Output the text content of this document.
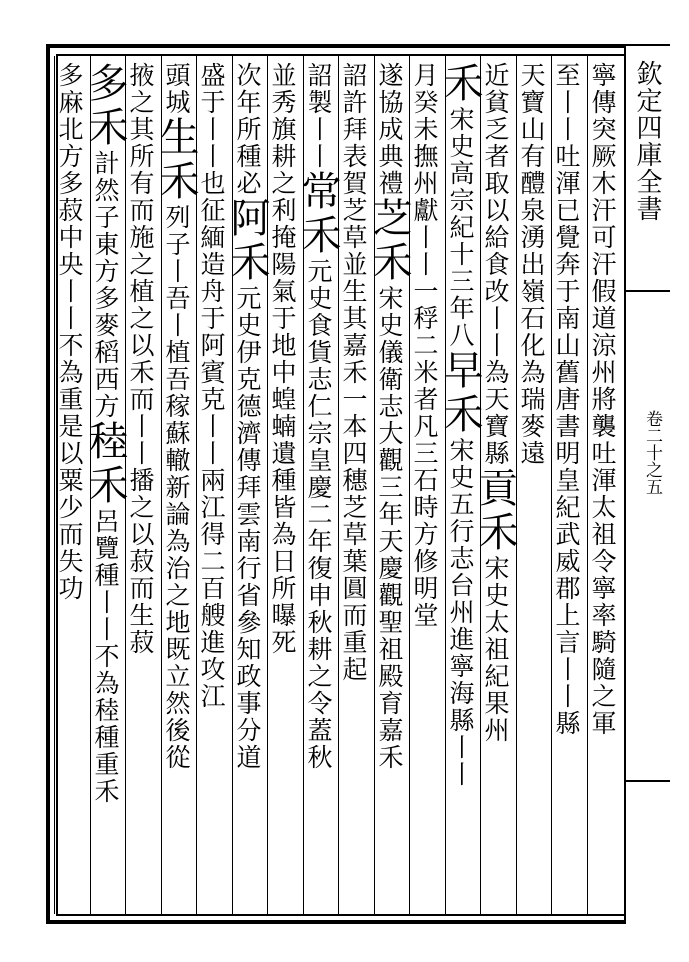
欽定四庫全書
卷二十之五
寧傳突厥木汗可汗假道涼州將襲吐渾太祖令寧率騎隨之軍
至丨丨吐渾已覺奔于南山舊唐書明皇紀武威郡上言丨丨縣
天寶山有醴泉湧出嶺石化為瑞麥遠
近貧乏者取以給食改丨丨為天寶縣貢禾宋史太祖紀果州
禾宋史高宗紀十三年八早禾宋史五行志台州進寧海縣丨丨
月癸未撫州獻丨丨一稃二米者凡三石時方修明堂
遂協成典禮芝禾宋史儀衛志大觀三年天慶觀聖祖殿育嘉禾
詔許拜表賀芝草並生其嘉禾一本四穗芝草葉圓而重起
詔製丨丨常禾元史食貨志仁宗皇慶二年復申秋耕之令蓋秋
並秀旗耕之利掩陽氣于地中蝗蝻遺種皆為日所曝死
次年所種必阿禾元史伊克德濟傳拜雲南行省參知政事分道
盛于丨丨也征緬造舟于阿賓克丨丨兩江得二百艘進攻江
頭城生禾列子丨吾丨植吾稼蘇轍新論為治之地既立然後從
掖之其所有而施之植之以禾而丨丨播之以菽而生菽
多禾計然子東方多麥稻西方稑禾呂覽種丨丨不為稑種重禾
多麻北方多菽中央丨丨不為重是以粟少而失功
